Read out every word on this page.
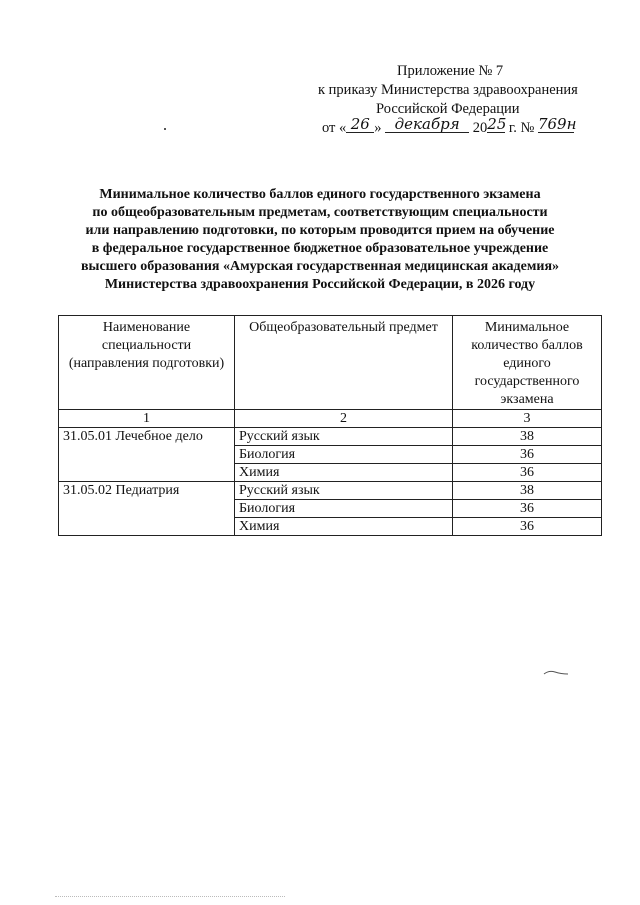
Приложение № 7
к приказу Министерства здравоохранения
Российской Федерации
от « 26 » декабря 2025 г. № 769н
Минимальное количество баллов единого государственного экзамена
по общеобразовательным предметам, соответствующим специальности
или направлению подготовки, по которым проводится прием на обучение
в федеральное государственное бюджетное образовательное учреждение
высшего образования «Амурская государственная медицинская академия»
Министерства здравоохранения Российской Федерации, в 2026 году
Наименование специальности (направления подготовки)	Общеобразовательный предмет	Минимальное количество баллов единого государственного экзамена
1	2	3
31.05.01 Лечебное дело	Русский язык	38
	Биология	36
	Химия	36
31.05.02 Педиатрия	Русский язык	38
	Биология	36
	Химия	36
